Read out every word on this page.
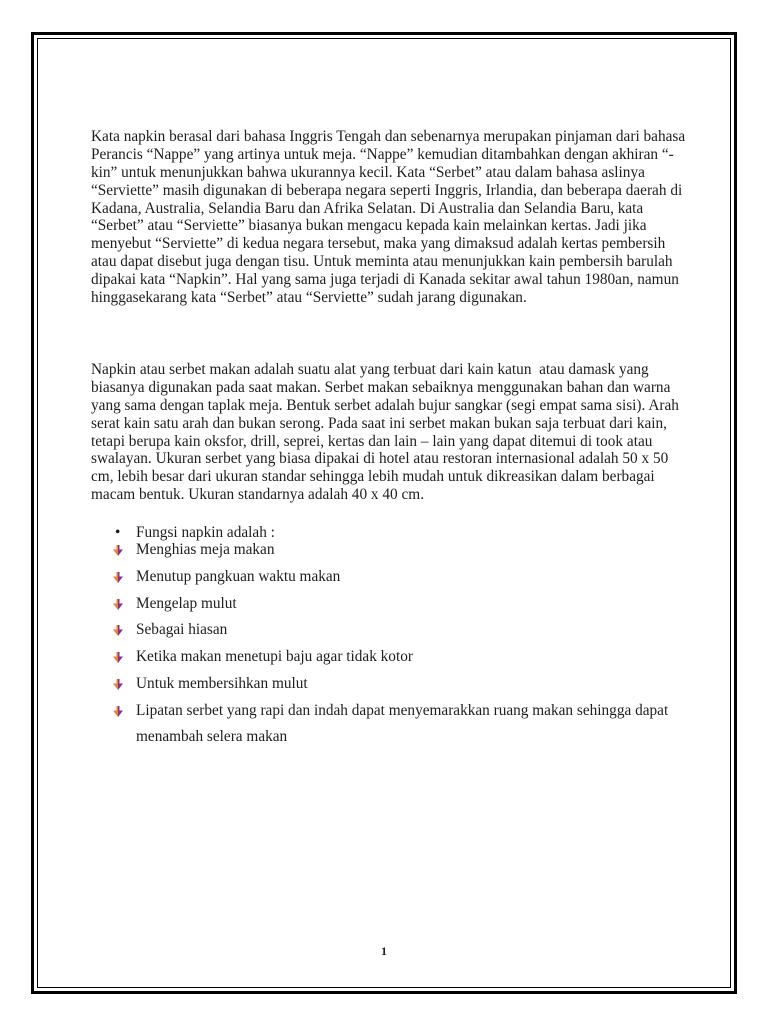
Kata napkin berasal dari bahasa Inggris Tengah dan sebenarnya merupakan pinjaman dari bahasa
Perancis “Nappe” yang artinya untuk meja. “Nappe” kemudian ditambahkan dengan akhiran “-
kin” untuk menunjukkan bahwa ukurannya kecil. Kata “Serbet” atau dalam bahasa aslinya
“Serviette” masih digunakan di beberapa negara seperti Inggris, Irlandia, dan beberapa daerah di
Kadana, Australia, Selandia Baru dan Afrika Selatan. Di Australia dan Selandia Baru, kata
“Serbet” atau “Serviette” biasanya bukan mengacu kepada kain melainkan kertas. Jadi jika
menyebut “Serviette” di kedua negara tersebut, maka yang dimaksud adalah kertas pembersih
atau dapat disebut juga dengan tisu. Untuk meminta atau menunjukkan kain pembersih barulah
dipakai kata “Napkin”. Hal yang sama juga terjadi di Kanada sekitar awal tahun 1980an, namun
hinggasekarang kata “Serbet” atau “Serviette” sudah jarang digunakan.
Napkin atau serbet makan adalah suatu alat yang terbuat dari kain katun  atau damask yang
biasanya digunakan pada saat makan. Serbet makan sebaiknya menggunakan bahan dan warna
yang sama dengan taplak meja. Bentuk serbet adalah bujur sangkar (segi empat sama sisi). Arah
serat kain satu arah dan bukan serong. Pada saat ini serbet makan bukan saja terbuat dari kain,
tetapi berupa kain oksfor, drill, seprei, kertas dan lain – lain yang dapat ditemui di took atau
swalayan. Ukuran serbet yang biasa dipakai di hotel atau restoran internasional adalah 50 x 50
cm, lebih besar dari ukuran standar sehingga lebih mudah untuk dikreasikan dalam berbagai
macam bentuk. Ukuran standarnya adalah 40 x 40 cm.
• Fungsi napkin adalah :
Menghias meja makan
Menutup pangkuan waktu makan
Mengelap mulut
Sebagai hiasan
Ketika makan menetupi baju agar tidak kotor
Untuk membersihkan mulut
Lipatan serbet yang rapi dan indah dapat menyemarakkan ruang makan sehingga dapat
menambah selera makan
1
